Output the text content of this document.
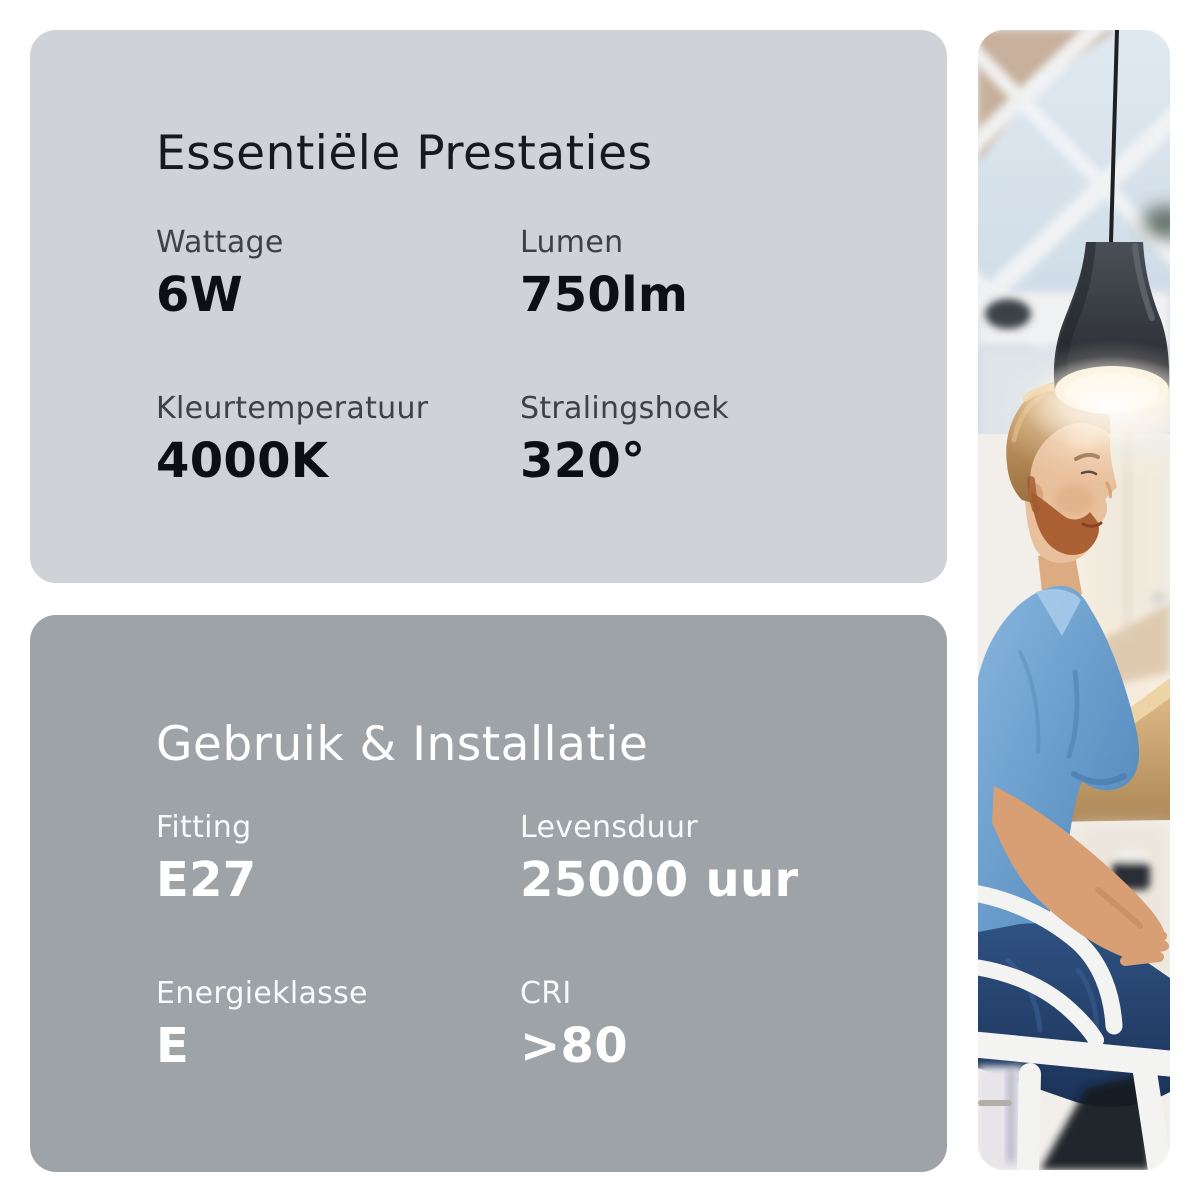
Essentiële Prestaties
Wattage
6W
Lumen
750lm
Kleurtemperatuur
4000K
Stralingshoek
320°
Gebruik & Installatie
Fitting
E27
Levensduur
25000 uur
Energieklasse
E
CRI
>80
